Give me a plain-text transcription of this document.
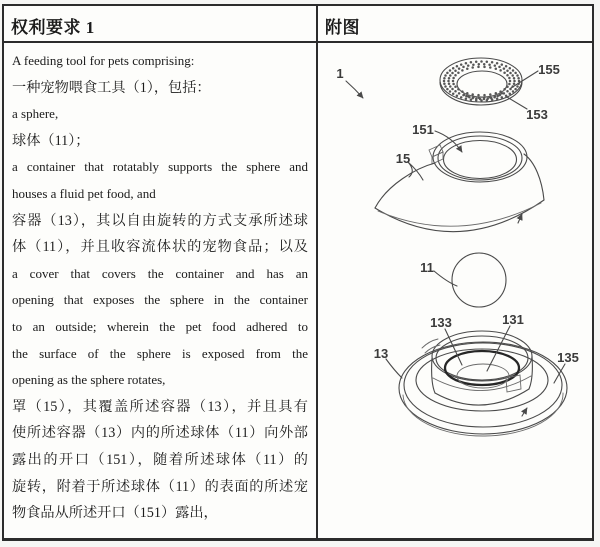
权利要求 1
A feeding tool for pets comprising:
一种宠物喂食工具（1），包括：
a sphere,
球体（11）；
a container that rotatably supports the sphere and
houses a fluid pet food, and
容器（13），其以自由旋转的方式支承所述球
体（11），并且收容流体状的宠物食品；以及
a cover that covers the container and has an
opening that exposes the sphere in the container
to an outside; wherein the pet food adhered to
the surface of the sphere is exposed from the
opening as the sphere rotates,
罩（15），其覆盖所述容器（13），并且具有
使所述容器（13）内的所述球体（11）向外部
露出的开口（151），随着所述球体（11）的
旋转，附着于所述球体（11）的表面的所述宠
物食品从所述开口（151）露出，
附图
1	155
153
151
15
11
133	131
13	135
